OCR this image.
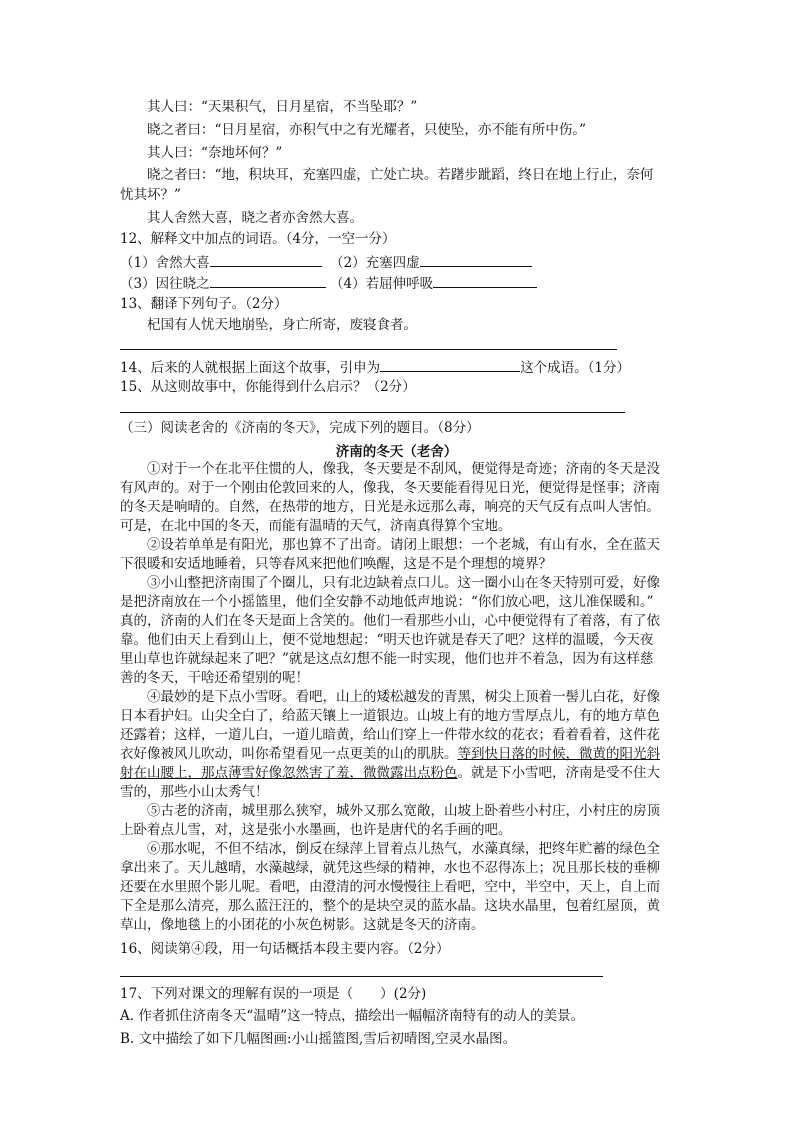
其人曰：“天果积气，日月星宿，不当坠耶？”
晓之者曰：“日月星宿，亦积气中之有光耀者，只使坠，亦不能有所中伤。”
其人曰：“奈地坏何？”
晓之者曰：“地，积块耳，充塞四虚，亡处亡块。若躇步跐蹈，终日在地上行止，奈何
忧其坏？”
其人舍然大喜，晓之者亦舍然大喜。
12、解释文中加点的词语。（4分，一空一分）
（1）舍然大喜	（2）充塞四虚
（3）因往晓之	（4）若屈伸呼吸
13、翻译下列句子。（2分）
杞国有人忧天地崩坠，身亡所寄，废寝食者。
14、后来的人就根据上面这个故事，引申为	这个成语。（1分）
15、从这则故事中，你能得到什么启示？（2分）
（三）阅读老舍的《济南的冬天》，完成下列的题目。（8分）
济南的冬天（老舍）
　　①对于一个在北平住惯的人，像我，冬天要是不刮风，便觉得是奇迹；济南的冬天是没
有风声的。对于一个刚由伦敦回来的人，像我，冬天要能看得见日光，便觉得是怪事；济南
的冬天是响晴的。自然，在热带的地方，日光是永远那么毒，响亮的天气反有点叫人害怕。
可是，在北中国的冬天，而能有温晴的天气，济南真得算个宝地。
　　②设若单单是有阳光，那也算不了出奇。请闭上眼想：一个老城，有山有水，全在蓝天
下很暖和安适地睡着，只等春风来把他们唤醒，这是不是个理想的境界？
　　③小山整把济南围了个圈儿，只有北边缺着点口儿。这一圈小山在冬天特别可爱，好像
是把济南放在一个小摇篮里，他们全安静不动地低声地说：“你们放心吧，这儿准保暖和。”
真的，济南的人们在冬天是面上含笑的。他们一看那些小山，心中便觉得有了着落，有了依
靠。他们由天上看到山上，便不觉地想起：“明天也许就是春天了吧？这样的温暖，今天夜
里山草也许就绿起来了吧？”就是这点幻想不能一时实现，他们也并不着急，因为有这样慈
善的冬天，干啥还希望别的呢！
　　④最妙的是下点小雪呀。看吧，山上的矮松越发的青黑，树尖上顶着一髻儿白花，好像
日本看护妇。山尖全白了，给蓝天镶上一道银边。山坡上有的地方雪厚点儿，有的地方草色
还露着；这样，一道儿白，一道儿暗黄，给山们穿上一件带水纹的花衣；看着看着，这件花
衣好像被风儿吹动，叫你希望看见一点更美的山的肌肤。等到快日落的时候，微黄的阳光斜
射在山腰上，那点薄雪好像忽然害了羞，微微露出点粉色。就是下小雪吧，济南是受不住大
雪的，那些小山太秀气！
　　⑤古老的济南，城里那么狭窄，城外又那么宽敞，山坡上卧着些小村庄，小村庄的房顶
上卧着点儿雪，对，这是张小水墨画，也许是唐代的名手画的吧。
　　⑥那水呢，不但不结冰，倒反在绿萍上冒着点儿热气，水藻真绿，把终年贮蓄的绿色全
拿出来了。天儿越晴，水藻越绿，就凭这些绿的精神，水也不忍得冻上；况且那长枝的垂柳
还要在水里照个影儿呢。看吧，由澄清的河水慢慢往上看吧，空中，半空中，天上，自上而
下全是那么清亮，那么蓝汪汪的，整个的是块空灵的蓝水晶。这块水晶里，包着红屋顶，黄
草山，像地毯上的小团花的小灰色树影。这就是冬天的济南。
16、阅读第④段，用一句话概括本段主要内容。（2分）
17、下列对课文的理解有误的一项是（　　）(2分)
A. 作者抓住济南冬天“温晴”这一特点，描绘出一幅幅济南特有的动人的美景。
B. 文中描绘了如下几幅图画:小山摇篮图,雪后初晴图,空灵水晶图。
